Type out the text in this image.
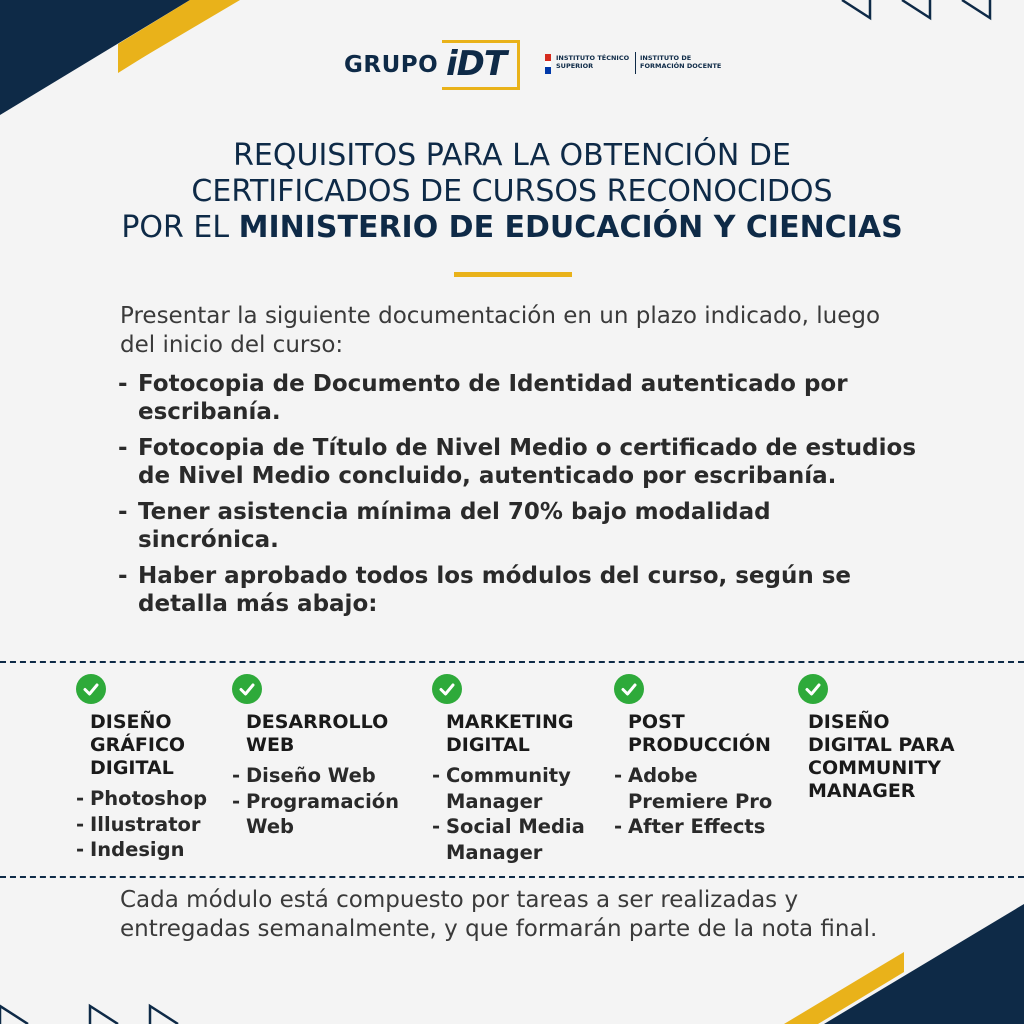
GRUPO iDT	INSTITUTO TÉCNICO SUPERIOR
INSTITUTO DE FORMACIÓN DOCENTE
REQUISITOS PARA LA OBTENCIÓN DE
CERTIFICADOS DE CURSOS RECONOCIDOS
POR EL MINISTERIO DE EDUCACIÓN Y CIENCIAS

Presentar la siguiente documentación en un plazo indicado, luego del inicio del curso:

- Fotocopia de Documento de Identidad autenticado por escribanía.
- Fotocopia de Título de Nivel Medio o certificado de estudios de Nivel Medio concluido, autenticado por escribanía.
- Tener asistencia mínima del 70% bajo modalidad sincrónica.
- Haber aprobado todos los módulos del curso, según se detalla más abajo:
DISEÑO GRÁFICO DIGITAL
- Photoshop
- Illustrator
- Indesign
DESARROLLO WEB
- Diseño Web
- Programación Web
MARKETING DIGITAL
- Community Manager
- Social Media Manager
POST PRODUCCIÓN
- Adobe Premiere Pro
- After Effects
DISEÑO DIGITAL PARA COMMUNITY MANAGER

Cada módulo está compuesto por tareas a ser realizadas y entregadas semanalmente, y que formarán parte de la nota final.
